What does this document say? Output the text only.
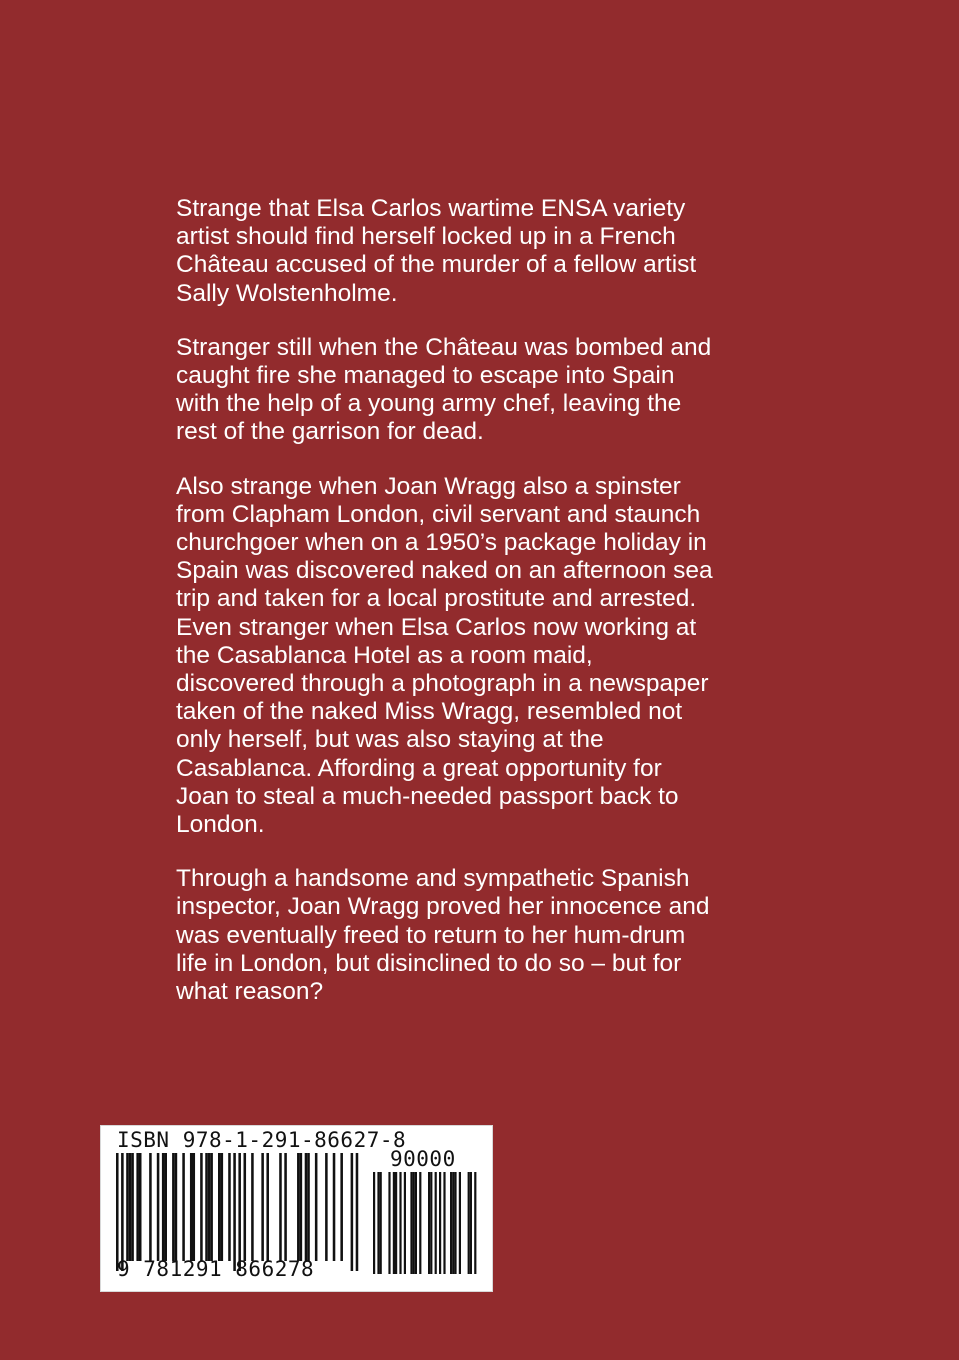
Strange that Elsa Carlos wartime ENSA variety
artist should find herself locked up in a French
Château accused of the murder of a fellow artist
Sally Wolstenholme.

Stranger still when the Château was bombed and
caught fire she managed to escape into Spain
with the help of a young army chef, leaving the
rest of the garrison for dead.

Also strange when Joan Wragg also a spinster
from Clapham London, civil servant and staunch
churchgoer when on a 1950’s package holiday in
Spain was discovered naked on an afternoon sea
trip and taken for a local prostitute and arrested.
Even stranger when Elsa Carlos now working at
the Casablanca Hotel as a room maid,
discovered through a photograph in a newspaper
taken of the naked Miss Wragg, resembled not
only herself, but was also staying at the
Casablanca. Affording a great opportunity for
Joan to steal a much-needed passport back to
London.

Through a handsome and sympathetic Spanish
inspector, Joan Wragg proved her innocence and
was eventually freed to return to her hum-drum
life in London, but disinclined to do so – but for
what reason?

ISBN 978-1-291-86627-8
90000
9 781291 866278
